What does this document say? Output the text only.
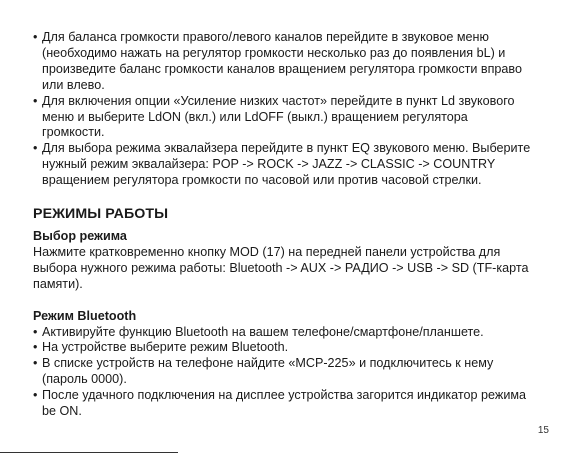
• Для баланса громкости правого/левого каналов перейдите в звуковое меню (необходимо нажать на регулятор громкости несколько раз до появления bL) и произведите баланс громкости каналов вращением регулятора громкости вправо или влево.
• Для включения опции «Усиление низких частот» перейдите в пункт Ld звукового меню и выберите LdON (вкл.) или LdOFF (выкл.) вращением регулятора громкости.
• Для выбора режима эквалайзера перейдите в пункт EQ звукового меню. Выберите нужный режим эквалайзера: POP -> ROCK -> JAZZ -> CLASSIC -> COUNTRY вращением регулятора громкости по часовой или против часовой стрелки.
РЕЖИМЫ РАБОТЫ
Выбор режима

Нажмите кратковременно кнопку MOD (17) на передней панели устройства для выбора нужного режима работы: Bluetooth -> AUX -> РАДИО -> USB -> SD (TF-карта памяти).

Режим Bluetooth
• Активируйте функцию Bluetooth на вашем телефоне/смартфоне/планшете.
• На устройстве выберите режим Bluetooth.
• В списке устройств на телефоне найдите «MCP-225» и подключитесь к нему (пароль 0000).
• После удачного подключения на дисплее устройства загорится индикатор режима be ON.
15
